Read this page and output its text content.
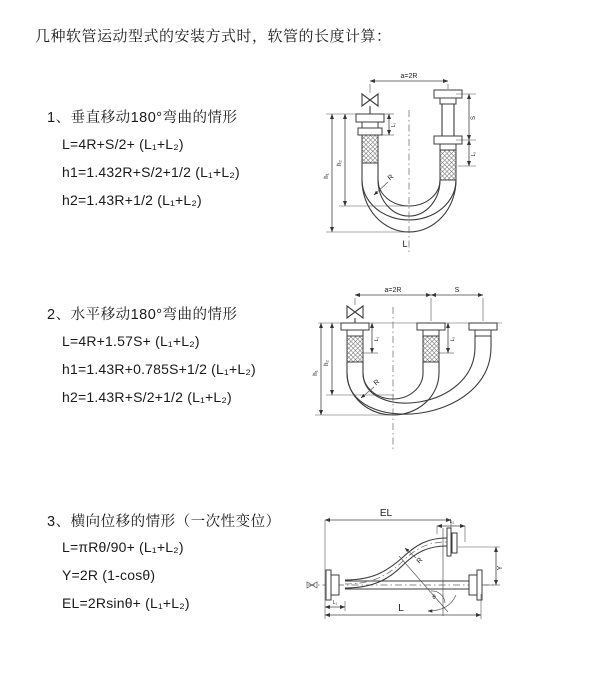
几种软管运动型式的安装方式时，软管的长度计算：
1、垂直移动180°弯曲的情形
L=4R+S/2+ (L₁+L₂)
h1=1.432R+S/2+1/2 (L₁+L₂)
h2=1.43R+1/2 (L₁+L₂)
a=2R
h₁
h₂
L₁
S
L₂
R
L
2、水平移动180°弯曲的情形
L=4R+1.57S+ (L₁+L₂)
h1=1.43R+0.785S+1/2 (L₁+L₂)
h2=1.43R+S/2+1/2 (L₁+L₂)
a=2R	S
L₁	L₂
h₁
h₂
R
3、横向位移的情形（一次性变位）
L=πRθ/90+ (L₁+L₂)
Y=2R (1-cosθ)
EL=2Rsinθ+ (L₁+L₂)
EL
L₂
θ
R
Y
L₁	L
